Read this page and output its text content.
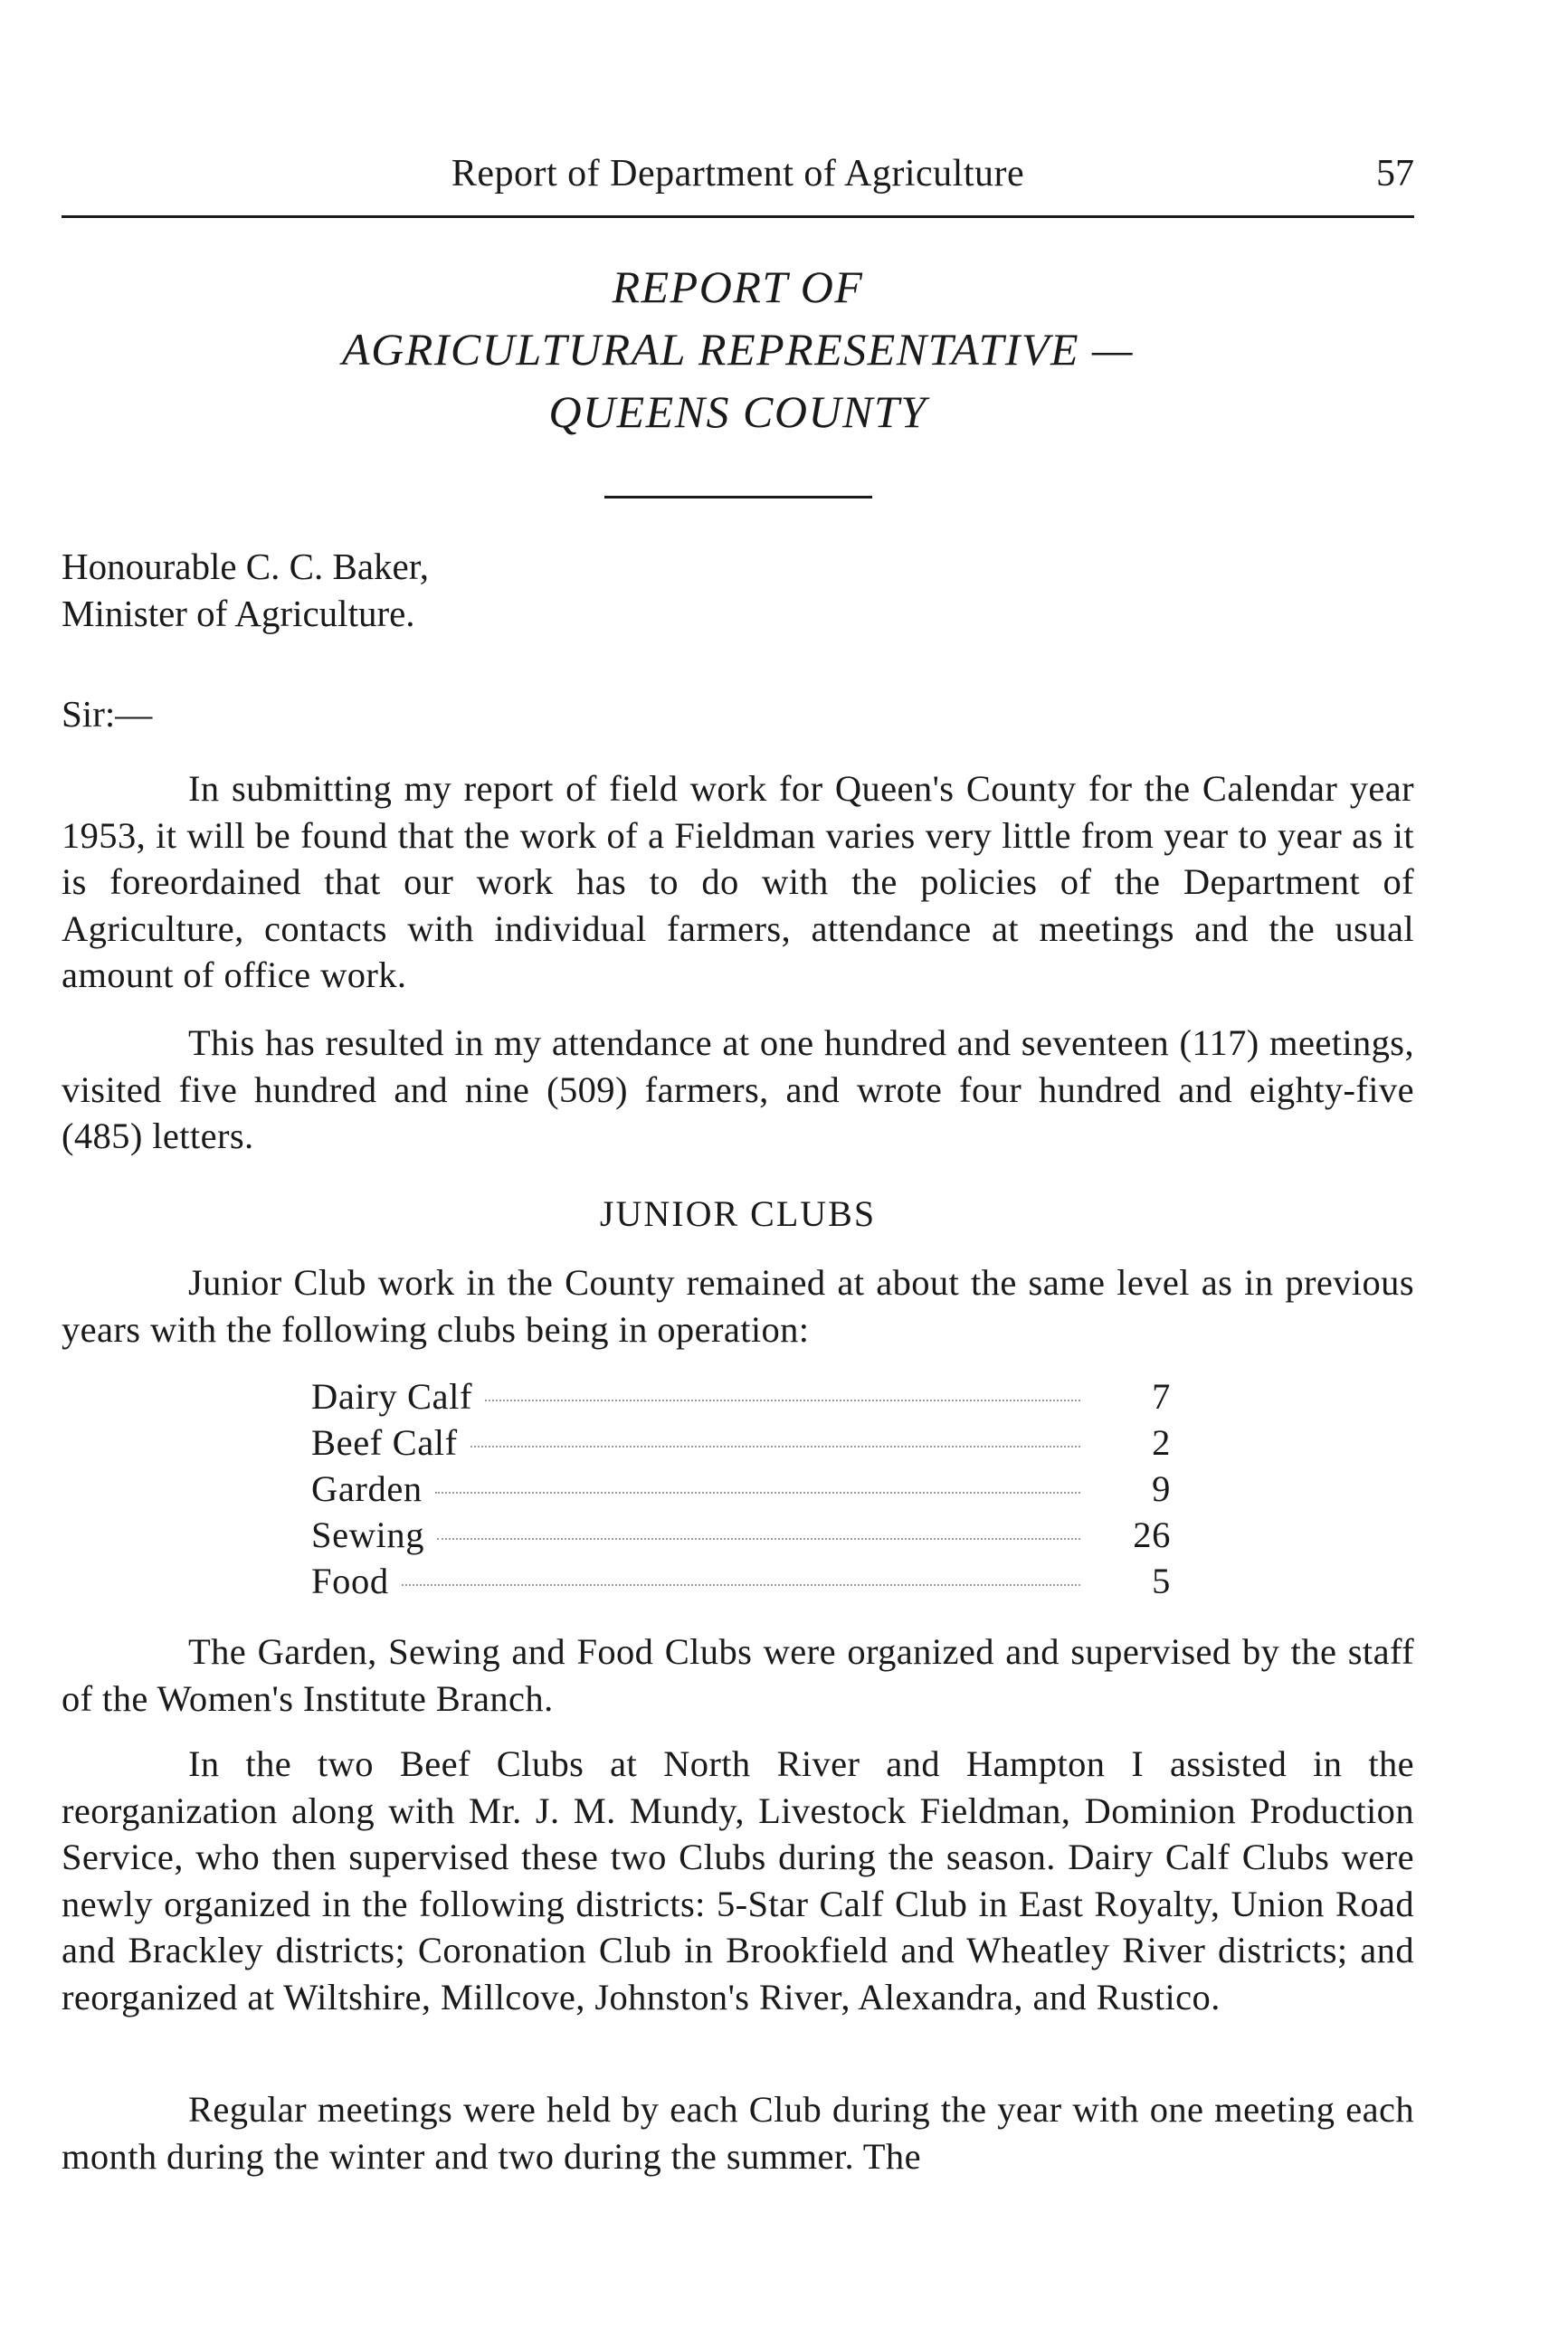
Report of Department of Agriculture	57
REPORT OF
AGRICULTURAL REPRESENTATIVE —
QUEENS COUNTY
Honourable C. C. Baker,
Minister of Agriculture.
Sir:—

In submitting my report of field work for Queen's County for the Calendar year 1953, it will be found that the work of a Fieldman varies very little from year to year as it is foreordained that our work has to do with the policies of the Department of Agriculture, contacts with individual farmers, attendance at meetings and the usual amount of office work.

This has resulted in my attendance at one hundred and seventeen (117) meetings, visited five hundred and nine (509) farmers, and wrote four hundred and eighty-five (485) letters.

JUNIOR CLUBS

Junior Club work in the County remained at about the same level as in previous years with the following clubs being in operation:

Dairy Calf	7
Beef Calf	2
Garden	9
Sewing	26
Food	5

The Garden, Sewing and Food Clubs were organized and supervised by the staff of the Women's Institute Branch.

In the two Beef Clubs at North River and Hampton I assisted in the reorganization along with Mr. J. M. Mundy, Livestock Fieldman, Dominion Production Service, who then supervised these two Clubs during the season. Dairy Calf Clubs were newly organized in the following districts: 5-Star Calf Club in East Royalty, Union Road and Brackley districts; Coronation Club in Brookfield and Wheatley River districts; and reorganized at Wiltshire, Millcove, Johnston's River, Alexandra, and Rustico.

Regular meetings were held by each Club during the year with one meeting each month during the winter and two during the summer. The
